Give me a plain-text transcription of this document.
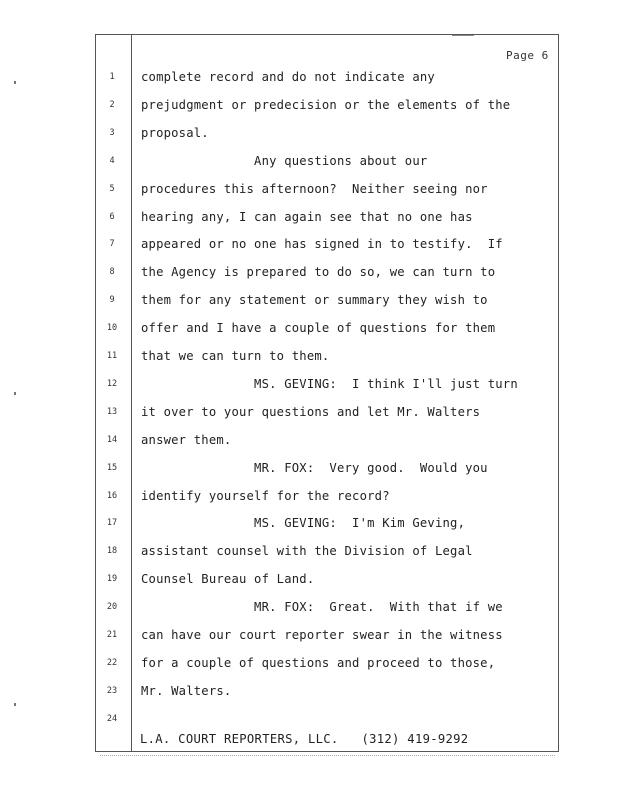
Page 6
1	complete record and do not indicate any
2	prejudgment or predecision or the elements of the
3	proposal.
4	Any questions about our
5	procedures this afternoon?  Neither seeing nor
6	hearing any, I can again see that no one has
7	appeared or no one has signed in to testify.  If
8	the Agency is prepared to do so, we can turn to
9	them for any statement or summary they wish to
10	offer and I have a couple of questions for them
11	that we can turn to them.
12	MS. GEVING:  I think I'll just turn
13	it over to your questions and let Mr. Walters
14	answer them.
15	MR. FOX:  Very good.  Would you
16	identify yourself for the record?
17	MS. GEVING:  I'm Kim Geving,
18	assistant counsel with the Division of Legal
19	Counsel Bureau of Land.
20	MR. FOX:  Great.  With that if we
21	can have our court reporter swear in the witness
22	for a couple of questions and proceed to those,
23	Mr. Walters.
24
L.A. COURT REPORTERS, LLC.   (312) 419-9292
